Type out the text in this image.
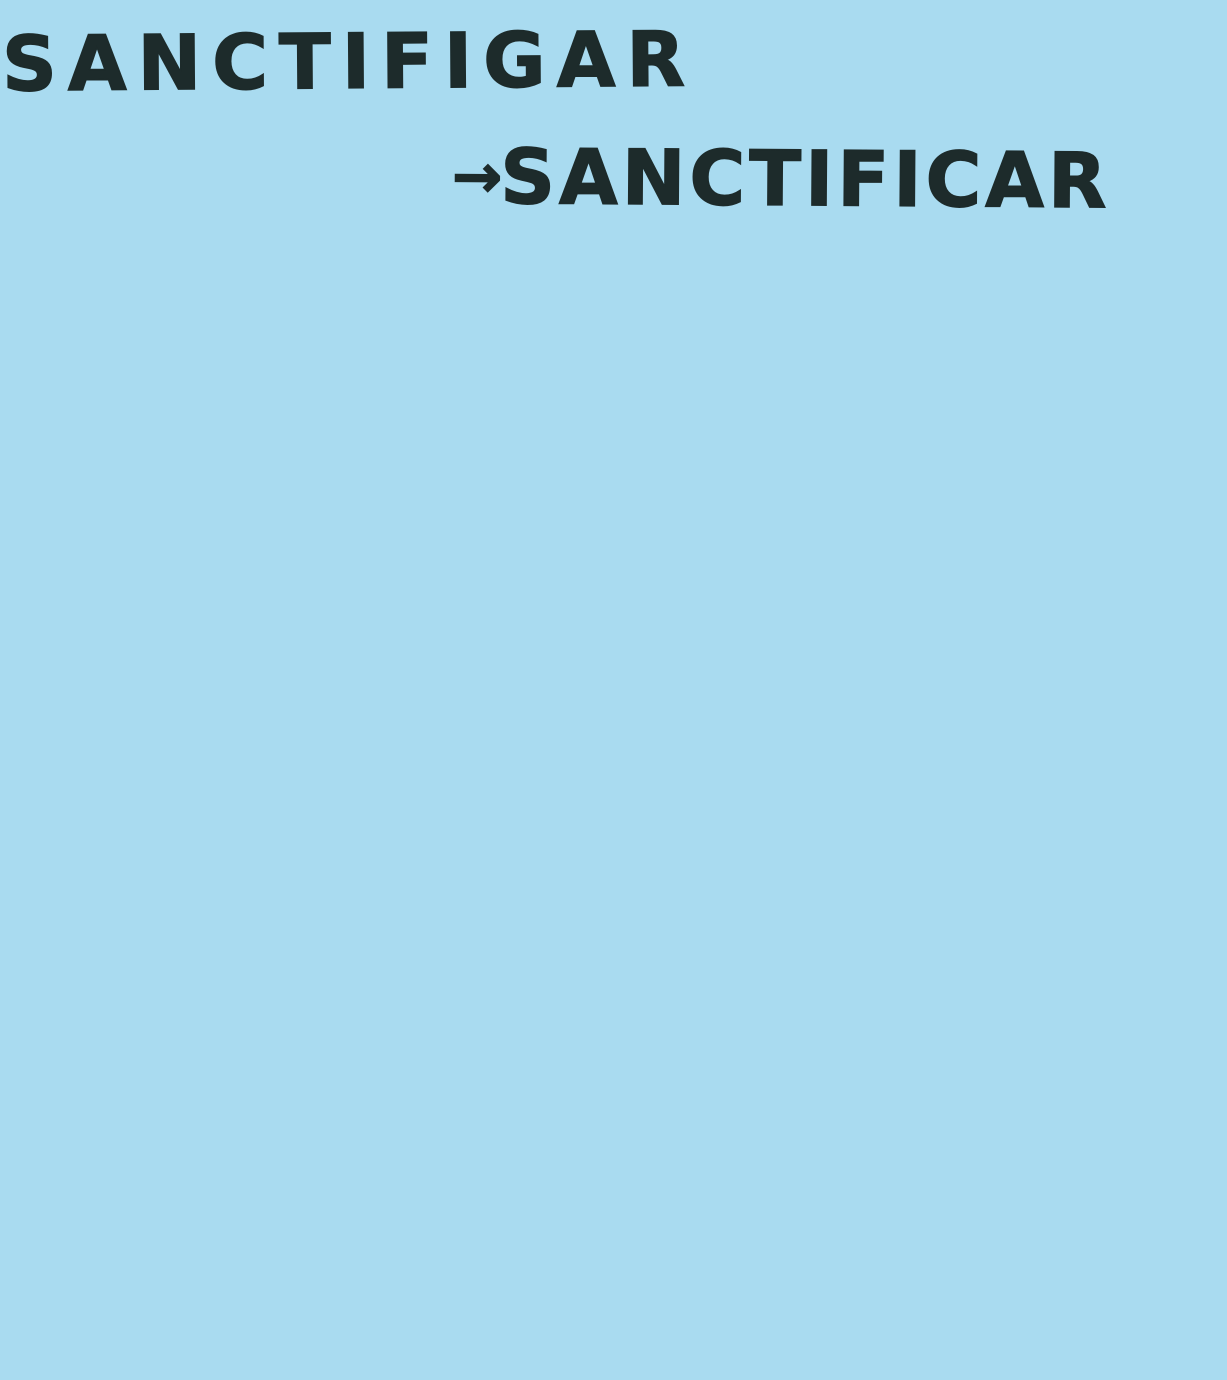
SANCTIFIGAR

→SANCTIFICAR
